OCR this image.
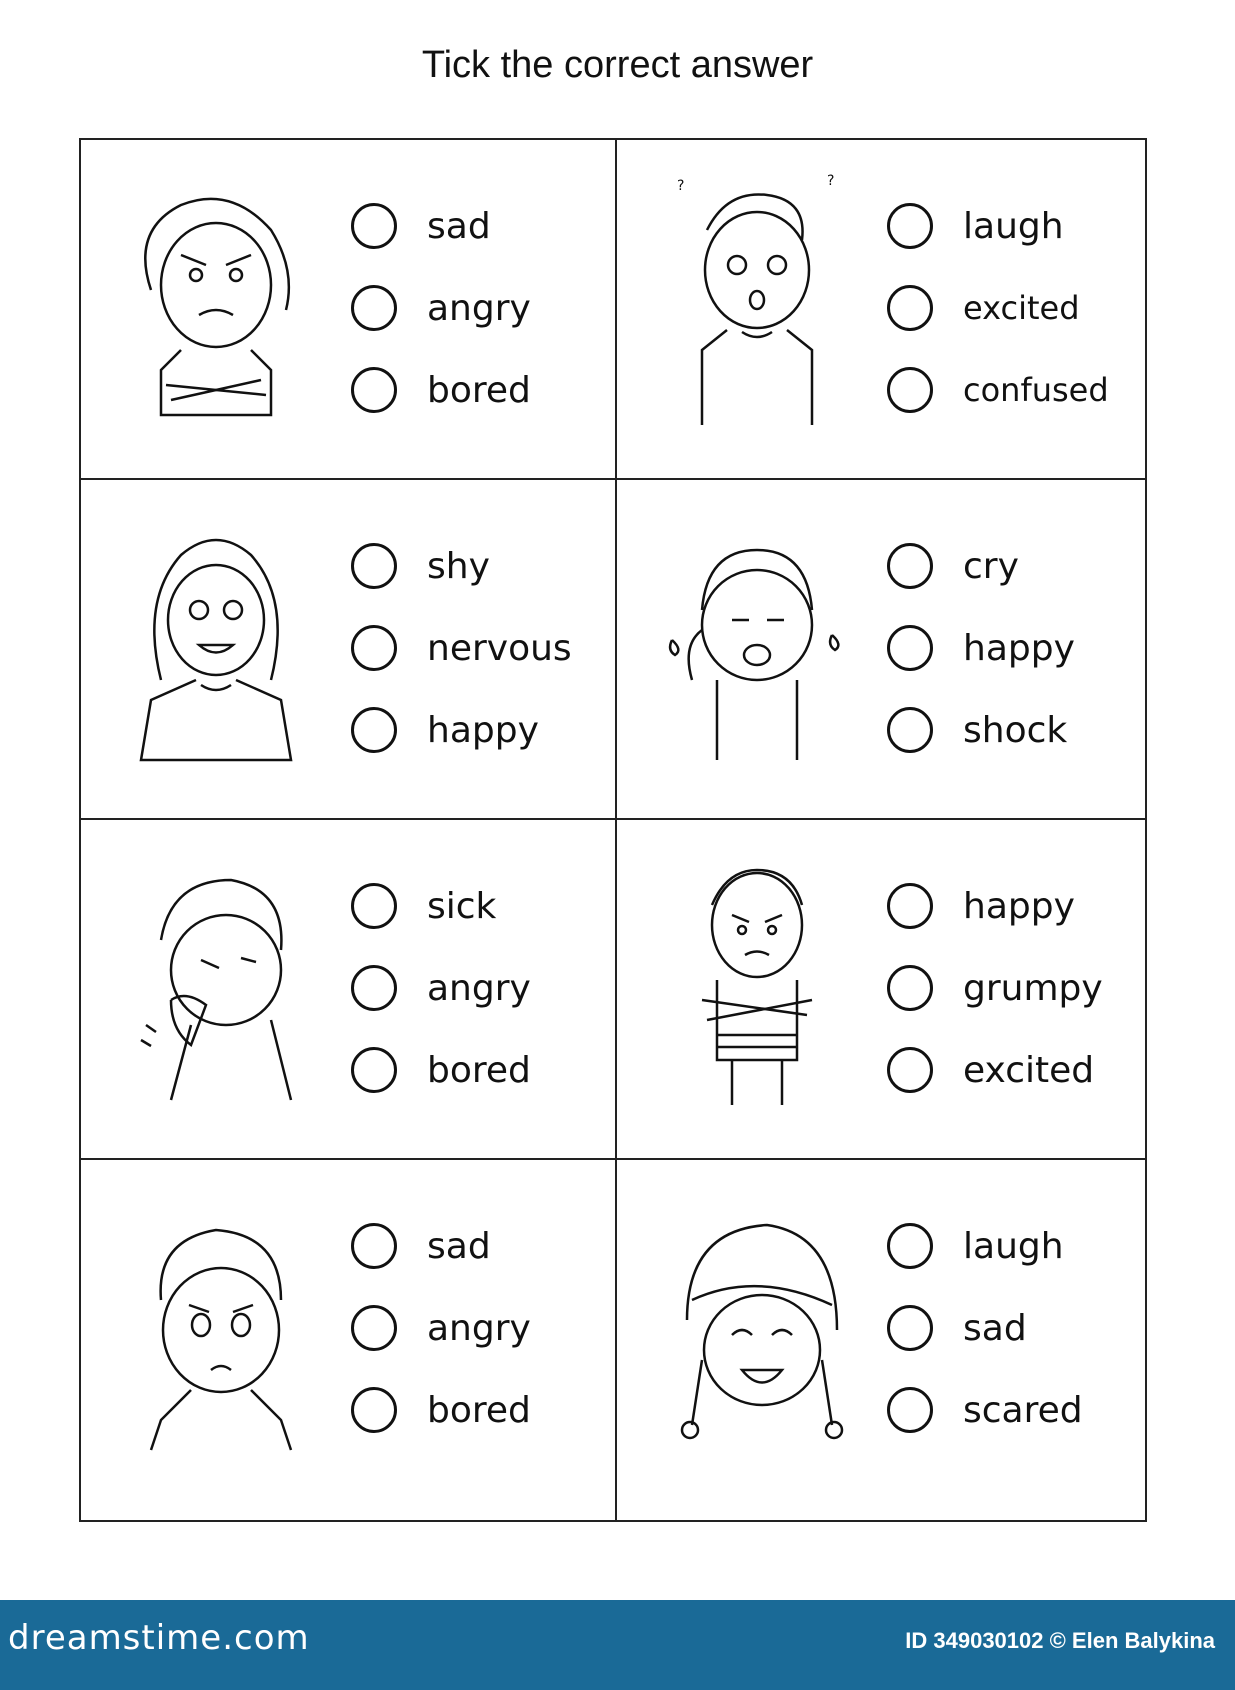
Tick the correct answer
sad
angry
bored
?	?
laugh
excited
confused
shy
nervous
happy
cry
happy
shock
sick
angry
bored
happy
grumpy
excited
sad
angry
bored
laugh
sad
scared
dreamstime.com	ID 349030102 © Elen Balykina
